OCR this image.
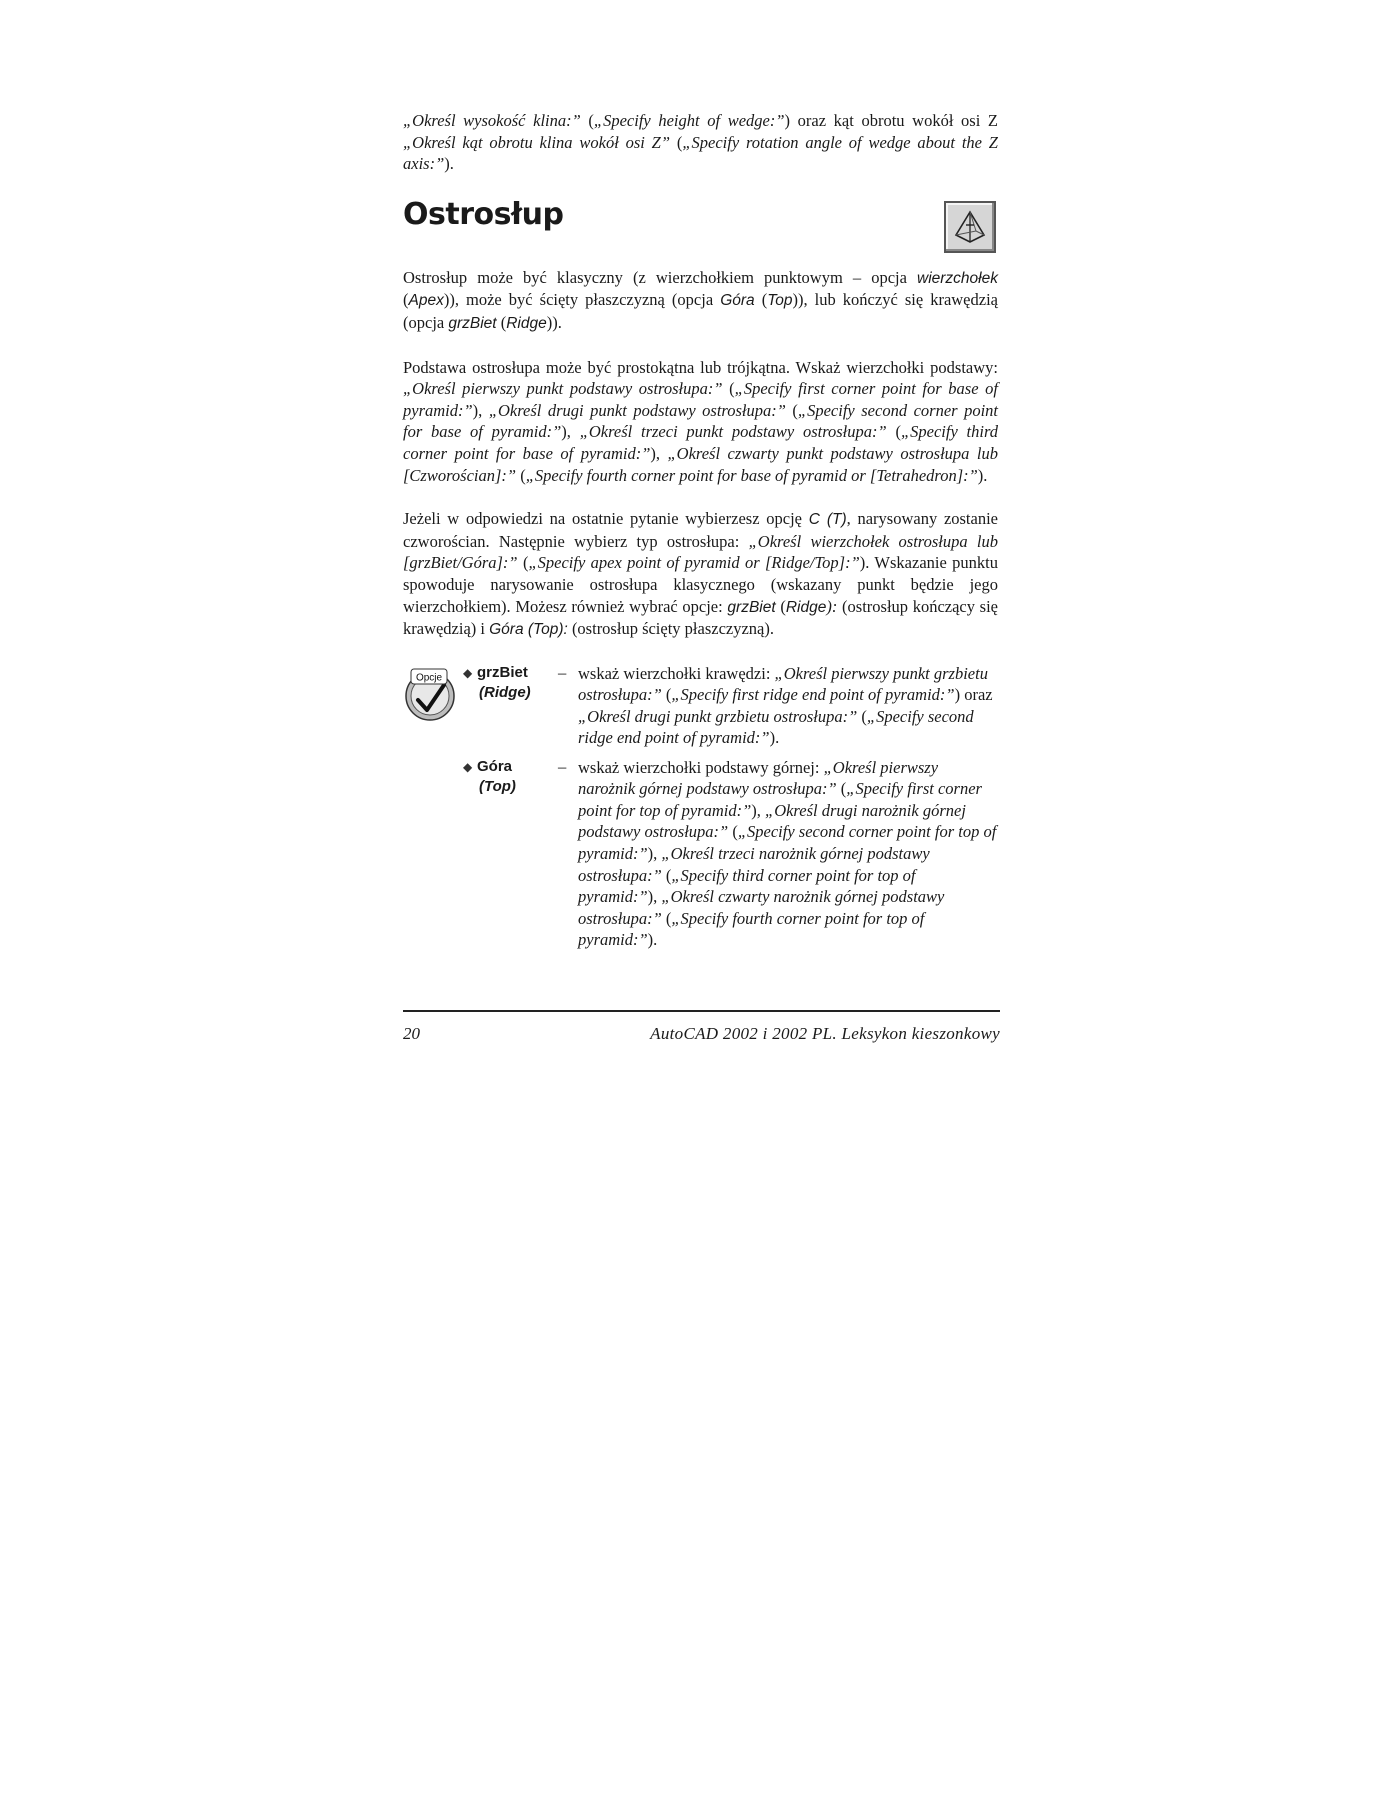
„Określ wysokość klina:” („Specify height of wedge:”) oraz kąt obrotu wokół osi Z „Określ kąt obrotu klina wokół osi Z” („Specify rotation angle of wedge about the Z axis:”).

Ostrosłup

Ostrosłup może być klasyczny (z wierzchołkiem punktowym – opcja wierzchołek (Apex)), może być ścięty płaszczyzną (opcja Góra (Top)), lub kończyć się krawędzią (opcja grzBiet (Ridge)).

Podstawa ostrosłupa może być prostokątna lub trójkątna. Wskaż wierzchołki podstawy: „Określ pierwszy punkt podstawy ostrosłupa:” („Specify first corner point for base of pyramid:”), „Określ drugi punkt podstawy ostrosłupa:” („Specify second corner point for base of pyramid:”), „Określ trzeci punkt podstawy ostrosłupa:” („Specify third corner point for base of pyramid:”), „Określ czwarty punkt podstawy ostrosłupa lub [Czworościan]:” („Specify fourth corner point for base of pyramid or [Tetrahedron]:”).

Jeżeli w odpowiedzi na ostatnie pytanie wybierzesz opcję C (T), narysowany zostanie czworościan. Następnie wybierz typ ostrosłupa: „Określ wierzchołek ostrosłupa lub [grzBiet/Góra]:” („Specify apex point of pyramid or [Ridge/Top]:”). Wskazanie punktu spowoduje narysowanie ostrosłupa klasycznego (wskazany punkt będzie jego wierzchołkiem). Możesz również wybrać opcje: grzBiet (Ridge): (ostrosłup kończący się krawędzią) i Góra (Top): (ostrosłup ścięty płaszczyzną).

Opcje ◆ grzBiet
(Ridge)
– wskaż wierzchołki krawędzi: „Określ pierwszy punkt grzbietu ostrosłupa:” („Specify first ridge end point of pyramid:”) oraz „Określ drugi punkt grzbietu ostrosłupa:” („Specify second ridge end point of pyramid:”).

◆ Góra
(Top)
– wskaż wierzchołki podstawy górnej: „Określ pierwszy narożnik górnej podstawy ostrosłupa:” („Specify first corner point for top of pyramid:”), „Określ drugi narożnik górnej podstawy ostrosłupa:” („Specify second corner point for top of pyramid:”), „Określ trzeci narożnik górnej podstawy ostrosłupa:” („Specify third corner point for top of pyramid:”), „Określ czwarty narożnik górnej podstawy ostrosłupa:” („Specify fourth corner point for top of pyramid:”).

20	AutoCAD 2002 i 2002 PL. Leksykon kieszonkowy
